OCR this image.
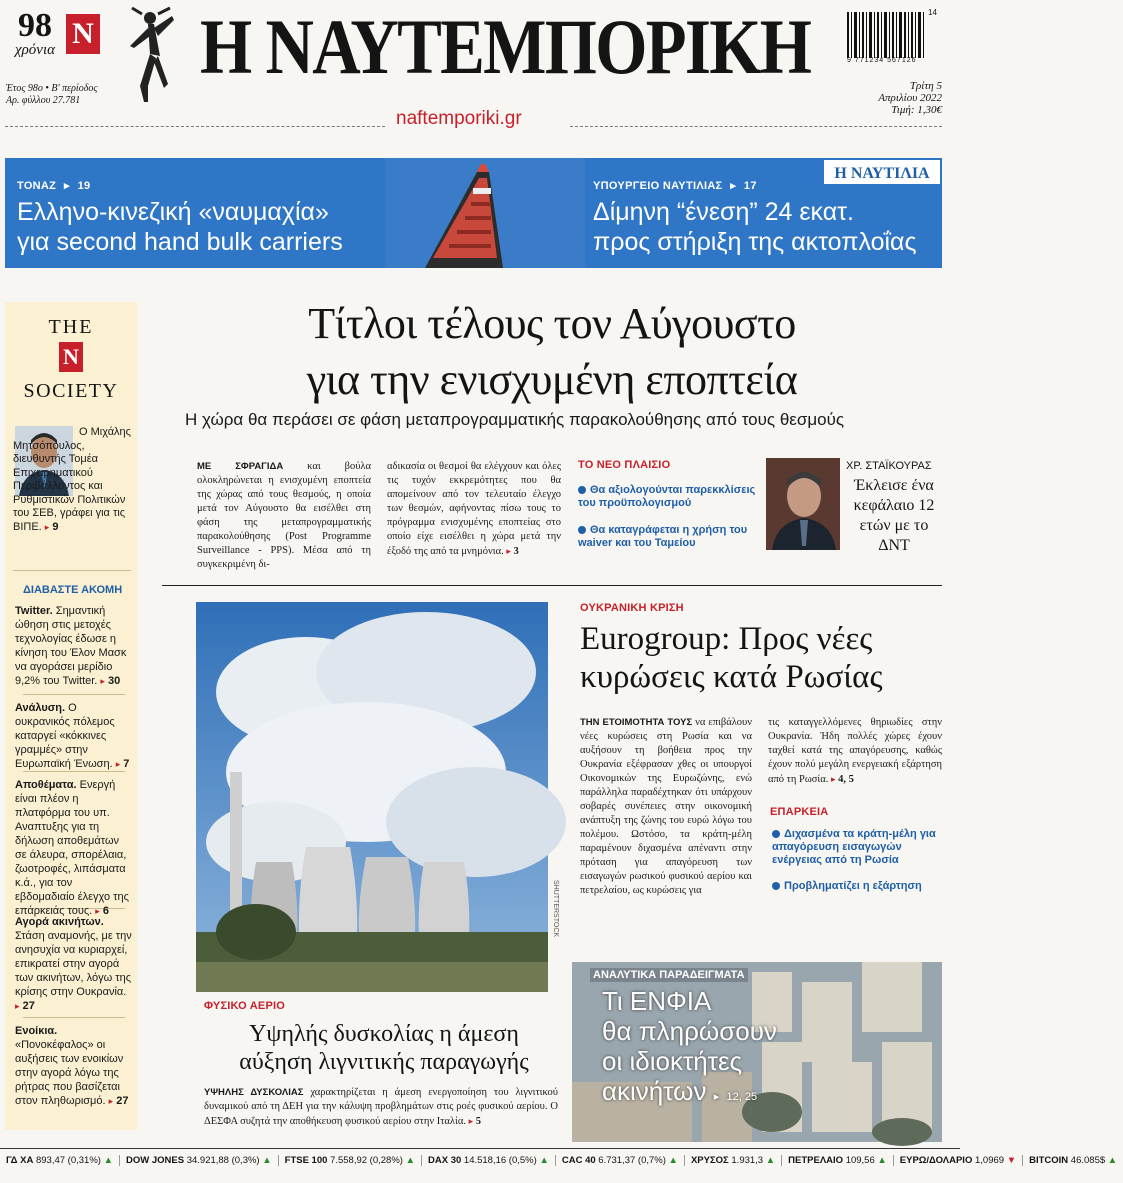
98
χρόνια N
Έτος 98ο • Β' περίοδος
Αρ. φύλλου 27.781
Η ΝΑΥΤΕΜΠΟΡΙΚΗ
naftemporiki.gr
14
9 771234 567126
Τρίτη 5
Απριλίου 2022
Τιμή: 1,30€
ΤΟΝΑΖ  ▸  19
Ελληνο-κινεζική «ναυμαχία»
για second hand bulk carriers
ΥΠΟΥΡΓΕΙΟ ΝΑΥΤΙΛΙΑΣ  ▸  17
Δίμηνη “ένεση” 24 εκατ.
προς στήριξη της ακτοπλοΐας
Η ΝΑΥΤΙΛΙΑ
THE
N
SOCIETY
Ο Μιχάλης Μητσόπουλος, διευθυντής Τομέα Επιχειρηματικού Περιβάλλοντος και Ρυθμιστικών Πολιτικών του ΣΕΒ, γράφει για τις ΒΙΠΕ. ▸ 9
ΔΙΑΒΑΣΤΕ ΑΚΟΜΗ
Twitter. Σημαντική ώθηση στις μετοχές τεχνολογίας έδωσε η κίνηση του Έλον Μασκ να αγοράσει μερίδιο 9,2% του Twitter. ▸ 30
Ανάλυση. Ο ουκρανικός πόλεμος καταργεί «κόκκινες γραμμές» στην Ευρωπαϊκή Ένωση. ▸ 7
Αποθέματα. Ενεργή είναι πλέον η πλατφόρμα του υπ. Αναπτυξης για τη δήλωση αποθεμάτων σε άλευρα, σπορέλαια, ζωοτροφές, λιπάσματα κ.ά., για τον εβδομαδιαίο έλεγχο της επάρκειάς τους. ▸ 6
Αγορά ακινήτων. Στάση αναμονής, με την ανησυχία να κυριαρχεί, επικρατεί στην αγορά των ακινήτων, λόγω της κρίσης στην Ουκρανία. ▸ 27
Ενοίκια. «Πονοκέφαλος» οι αυξήσεις των ενοικίων στην αγορά λόγω της ρήτρας που βασίζεται στον πληθωρισμό. ▸ 27
Τίτλοι τέλους τον Αύγουστο
για την ενισχυμένη εποπτεία
Η χώρα θα περάσει σε φάση μεταπρογραμματικής παρακολούθησης από τους θεσμούς
ΜΕ ΣΦΡΑΓΙΔΑ και βούλα ολοκληρώνεται η ενισχυμένη εποπτεία της χώρας από τους θεσμούς, η οποία μετά τον Αύγουστο θα εισέλθει στη φάση της μεταπρογραμματικής παρακολούθησης (Post Programme Surveillance - PPS). Μέσα από τη συγκεκριμένη δι-
αδικασία οι θεσμοί θα ελέγχουν και όλες τις τυχόν εκκρεμότητες που θα απομείνουν από τον τελευταίο έλεγχο των θεσμών, αφήνοντας πίσω τους το πρόγραμμα ενισχυμένης εποπτείας στο οποίο είχε εισέλθει η χώρα μετά την έξοδό της από τα μνημόνια. ▸ 3
ΤΟ ΝΕΟ ΠΛΑΙΣΙΟ
Θα αξιολογούνται παρεκκλίσεις του προϋπολογισμού
Θα καταγράφεται η χρήση του waiver και του Ταμείου
ΧΡ. ΣΤΑΪΚΟΥΡΑΣ
Έκλεισε ένα κεφάλαιο 12 ετών με το ΔΝΤ
SHUTTERSTOCK
ΦΥΣΙΚΟ ΑΕΡΙΟ
Υψηλής δυσκολίας η άμεση
αύξηση λιγνιτικής παραγωγής
ΥΨΗΛΗΣ ΔΥΣΚΟΛΙΑΣ χαρακτηρίζεται η άμεση ενεργοποίηση του λιγνιτικού δυναμικού από τη ΔΕΗ για την κάλυψη προβλημάτων στις ροές φυσικού αερίου. Ο ΔΕΣΦΑ συζητά την αποθήκευση φυσικού αερίου στην Ιταλία. ▸ 5
ΟΥΚΡΑΝΙΚΗ ΚΡΙΣΗ
Eurogroup: Προς νέες
κυρώσεις κατά Ρωσίας
ΤΗΝ ΕΤΟΙΜΟΤΗΤΑ ΤΟΥΣ να επιβάλουν νέες κυρώσεις στη Ρωσία και να αυξήσουν τη βοήθεια προς την Ουκρανία εξέφρασαν χθες οι υπουργοί Οικονομικών της Ευρωζώνης, ενώ παράλληλα παραδέχτηκαν ότι υπάρχουν σοβαρές συνέπειες στην οικονομική ανάπτυξη της ζώνης του ευρώ λόγω του πολέμου. Ωστόσο, τα κράτη-μέλη παραμένουν διχασμένα απέναντι στην πρόταση για απαγόρευση των εισαγωγών ρωσικού φυσικού αερίου και πετρελαίου, ως κυρώσεις για
τις καταγγελλόμενες θηριωδίες στην Ουκρανία. Ήδη πολλές χώρες έχουν ταχθεί κατά της απαγόρευσης, καθώς έχουν πολύ μεγάλη ενεργειακή εξάρτηση από τη Ρωσία. ▸ 4, 5
ΕΠΑΡΚΕΙΑ
Διχασμένα τα κράτη-μέλη για απαγόρευση εισαγωγών ενέργειας από τη Ρωσία
Προβληματίζει η εξάρτηση
ΑΝΑΛΥΤΙΚΑ ΠΑΡΑΔΕΙΓΜΑΤΑ
Τι ΕΝΦΙΑ
θα πληρώσουν
οι ιδιοκτήτες
ακινήτων ▸ 12, 25
ΓΔ ΧΑ 893,47 (0,31%) ▲	DOW JONES 34.921,88 (0,3%) ▲	FTSE 100 7.558,92 (0,28%) ▲	DAX 30 14.518,16 (0,5%) ▲	CAC 40 6.731,37 (0,7%) ▲	ΧΡΥΣΟΣ 1.931,3 ▲	ΠΕΤΡΕΛΑΙΟ 109,56 ▲	ΕΥΡΩ/ΔΟΛΑΡΙΟ 1,0969 ▼	BITCOIN 46.085$ ▲
